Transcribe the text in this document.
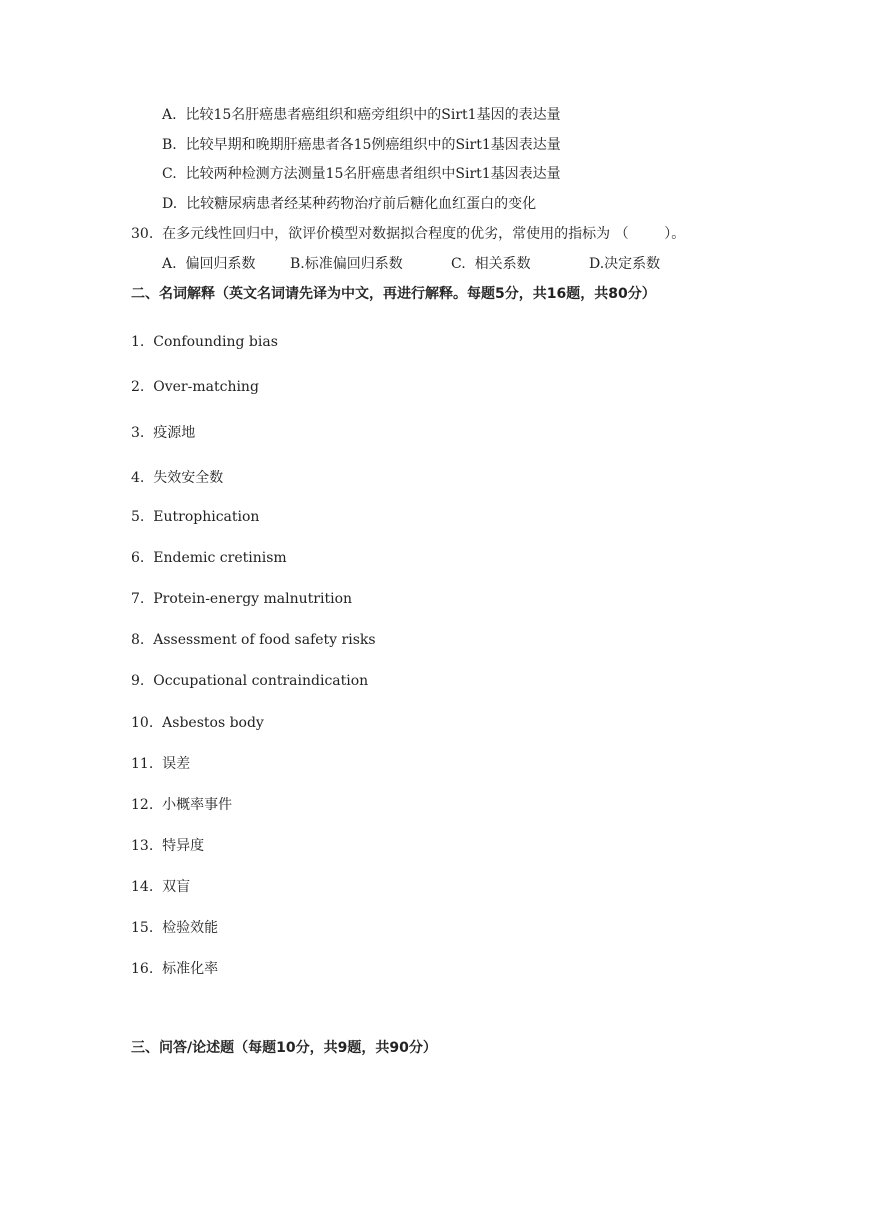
A.  比较15名肝癌患者癌组织和癌旁组织中的Sirt1基因的表达量
B.  比较早期和晚期肝癌患者各15例癌组织中的Sirt1基因表达量
C.  比较两种检测方法测量15名肝癌患者组织中Sirt1基因表达量
D.  比较糖尿病患者经某种药物治疗前后糖化血红蛋白的变化
30.  在多元线性回归中，欲评价模型对数据拟合程度的优劣，常使用的指标为 （        ）。
A.  偏回归系数 B.标准偏回归系数	C.  相关系数	D.决定系数
二、名词解释（英文名词请先译为中文，再进行解释。每题5分，共16题，共80分）
1.  Confounding bias
2.  Over-matching
3.  疫源地
4.  失效安全数
5.  Eutrophication
6.  Endemic cretinism
7.  Protein-energy malnutrition
8.  Assessment of food safety risks
9.  Occupational contraindication
10.  Asbestos body
11.  误差
12.  小概率事件
13.  特异度
14.  双盲
15.  检验效能
16.  标准化率
三、问答/论述题（每题10分，共9题，共90分）
